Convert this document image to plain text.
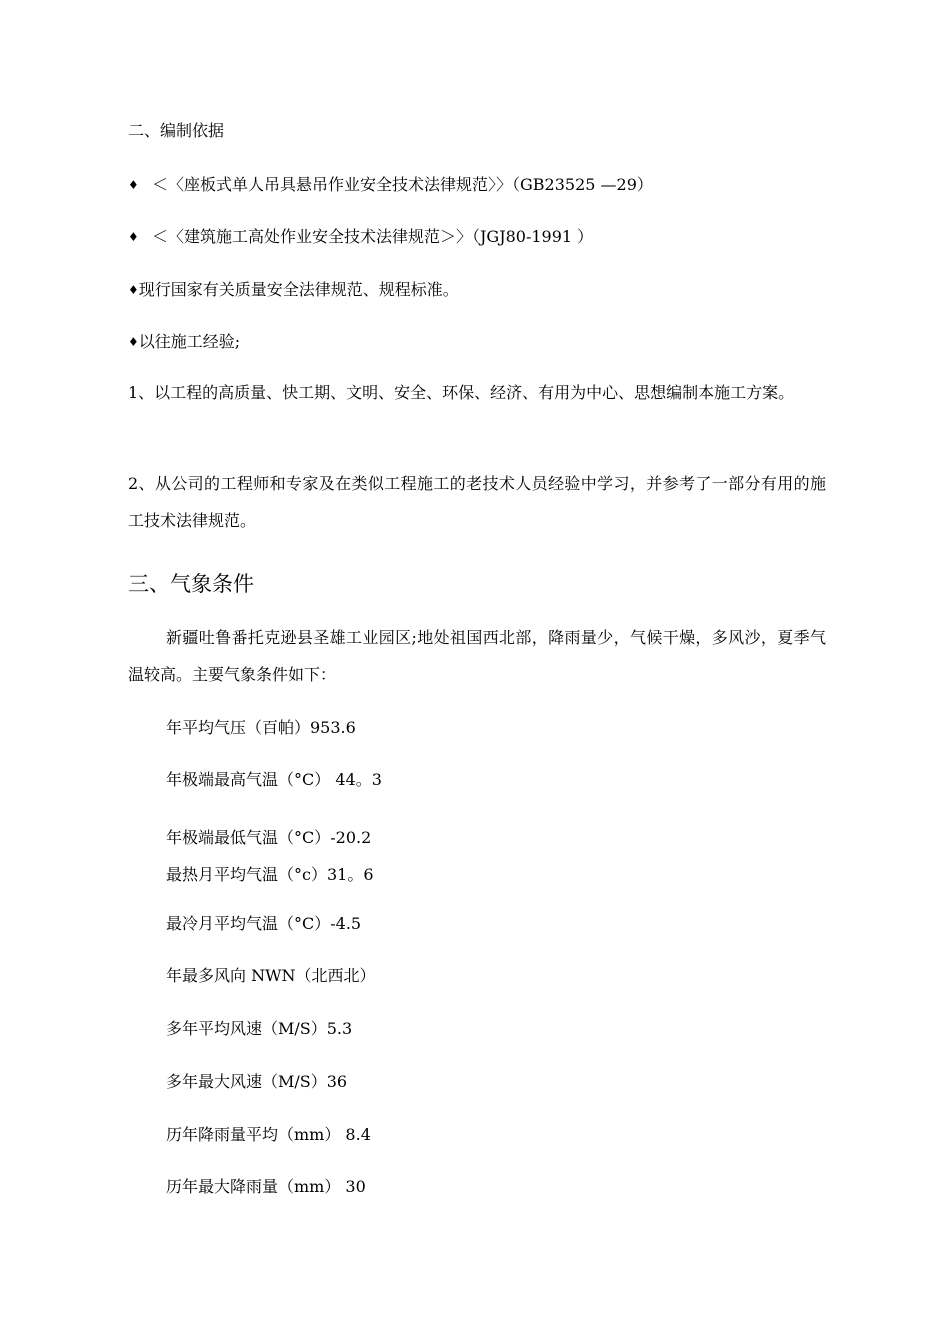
二、编制依据
♦ ＜〈座板式单人吊具悬吊作业安全技术法律规范〉〉（GB23525 —29）
♦ ＜〈建筑施工高处作业安全技术法律规范＞〉（JGJ80-1991 ）
♦现行国家有关质量安全法律规范、规程标准。
♦以往施工经验;
1、以工程的高质量、快工期、文明、安全、环保、经济、有用为中心、思想编制本施工方案。
2、从公司的工程师和专家及在类似工程施工的老技术人员经验中学习，并参考了一部分有用的施工技术法律规范。
三、气象条件
新疆吐鲁番托克逊县圣雄工业园区;地处祖国西北部，降雨量少，气候干燥，多风沙，夏季气温较高。主要气象条件如下：
年平均气压（百帕）953.6
年极端最高气温（°C） 44。3
年极端最低气温（°C）-20.2
最热月平均气温（°c）31。6
最冷月平均气温（°C）-4.5
年最多风向 NWN（北西北）
多年平均风速（M/S）5.3
多年最大风速（M/S）36
历年降雨量平均（mm） 8.4
历年最大降雨量（mm） 30
